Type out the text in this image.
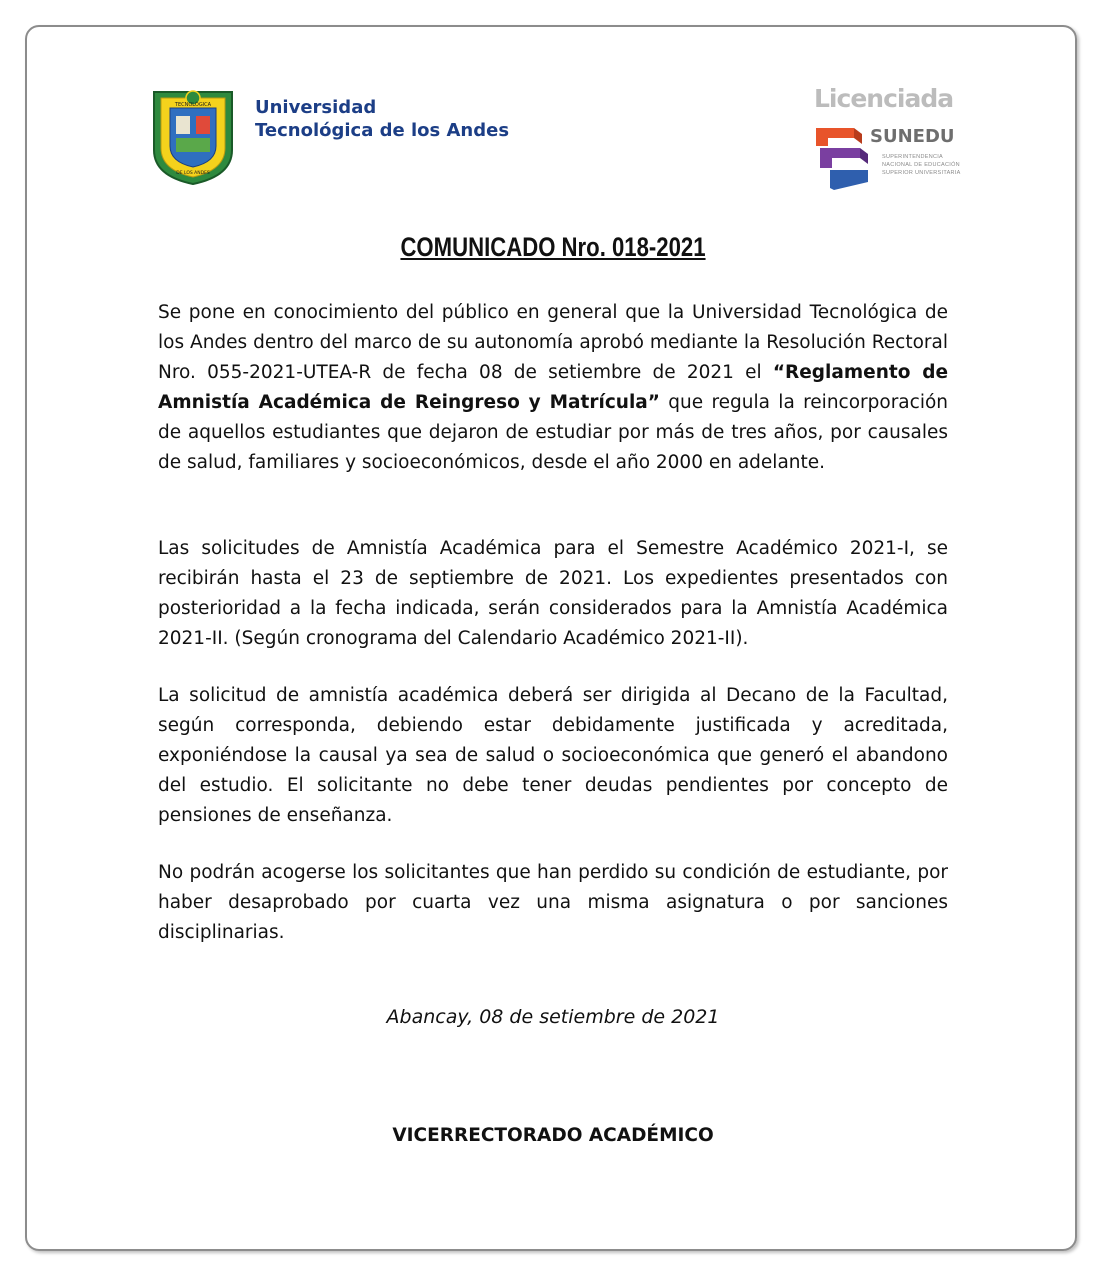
TECNOLÓGICA
DE LOS ANDES
Universidad
Tecnológica de los Andes
Licenciada
SUNEDU
SUPERINTENDENCIA
NACIONAL DE EDUCACIÓN
SUPERIOR UNIVERSITARIA
COMUNICADO Nro. 018-2021

Se pone en conocimiento del público en general que la Universidad Tecnológica de los Andes dentro del marco de su autonomía aprobó mediante la Resolución Rectoral Nro. 055-2021-UTEA-R de fecha 08 de setiembre de 2021 el “Reglamento de Amnistía Académica de Reingreso y Matrícula” que regula la reincorporación de aquellos estudiantes que dejaron de estudiar por más de tres años, por causales de salud, familiares y socioeconómicos, desde el año 2000 en adelante.

Las solicitudes de Amnistía Académica para el Semestre Académico 2021-I, se recibirán hasta el 23 de septiembre de 2021. Los expedientes presentados con posterioridad a la fecha indicada, serán considerados para la Amnistía Académica 2021-II. (Según cronograma del Calendario Académico 2021-II).

La solicitud de amnistía académica deberá ser dirigida al Decano de la Facultad, según corresponda, debiendo estar debidamente justificada y acreditada, exponiéndose la causal ya sea de salud o socioeconómica que generó el abandono del estudio. El solicitante no debe tener deudas pendientes por concepto de pensiones de enseñanza.

No podrán acogerse los solicitantes que han perdido su condición de estudiante, por haber desaprobado por cuarta vez una misma asignatura o por sanciones disciplinarias.

Abancay, 08 de setiembre de 2021
VICERRECTORADO ACADÉMICO
